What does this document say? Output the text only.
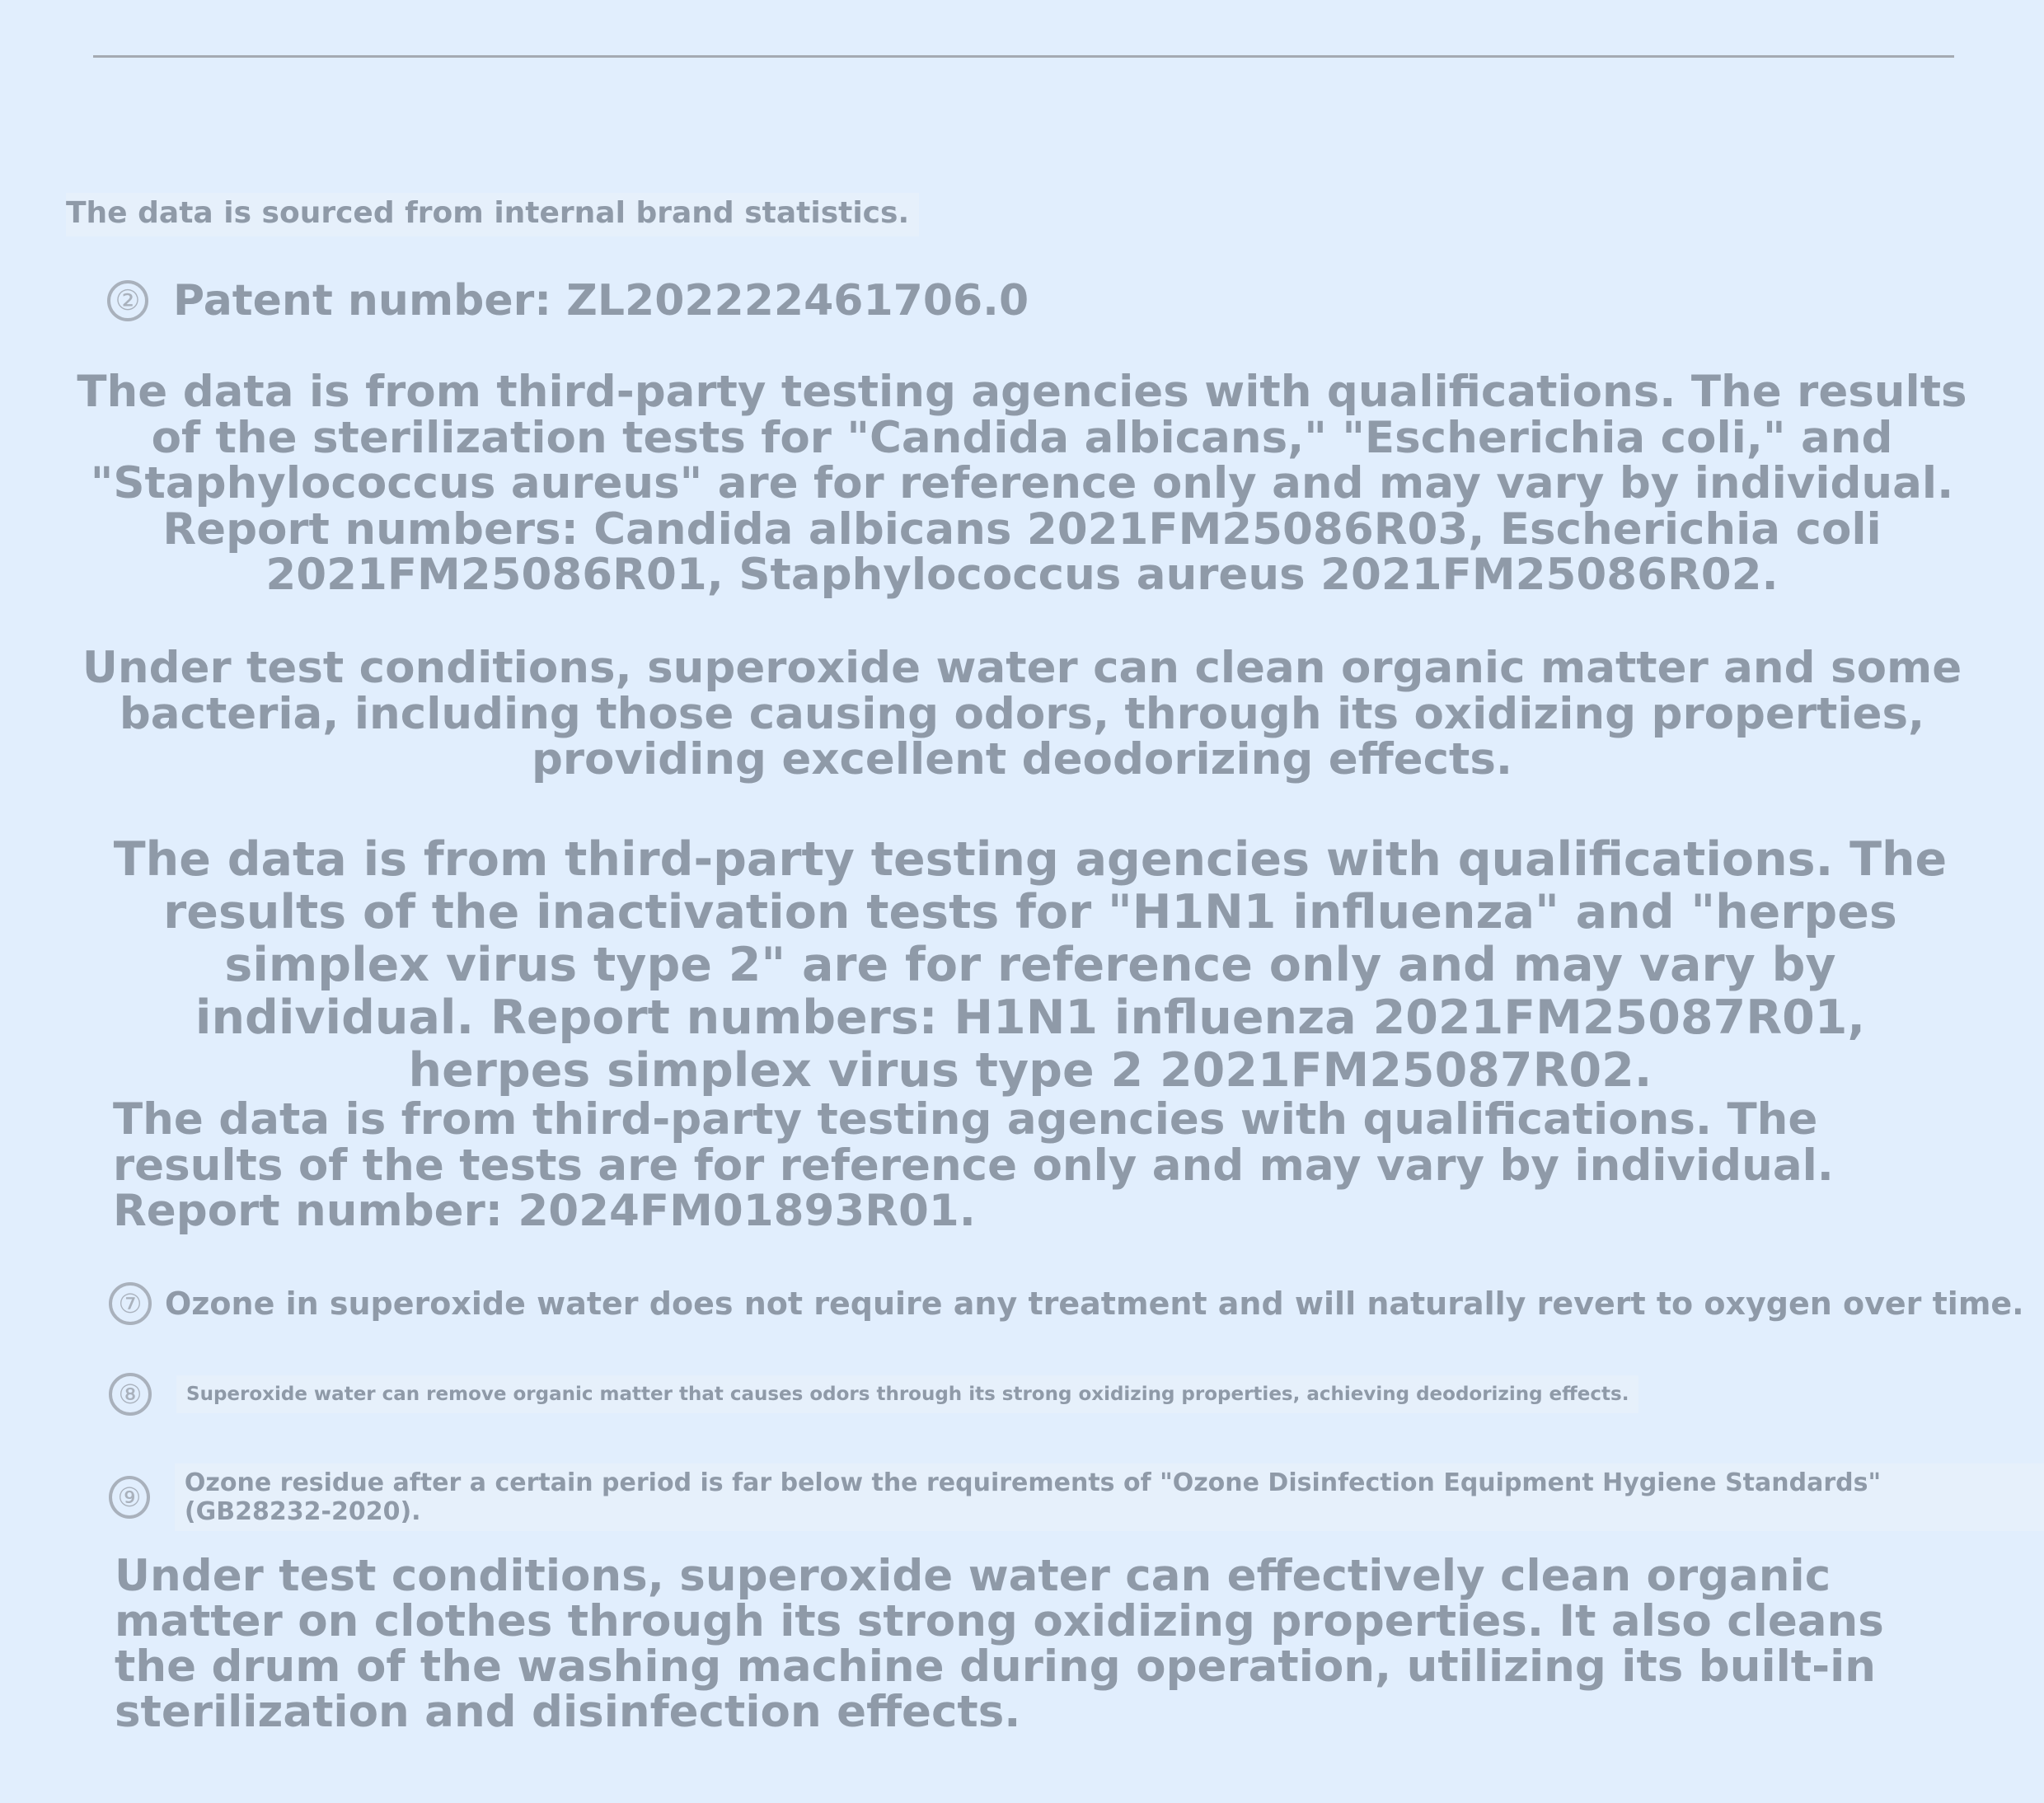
The data is sourced from internal brand statistics.

② Patent number: ZL202222461706.0

The data is from third-party testing agencies with qualifications. The results of the sterilization tests for "Candida albicans," "Escherichia coli," and "Staphylococcus aureus" are for reference only and may vary by individual. Report numbers: Candida albicans 2021FM25086R03, Escherichia coli 2021FM25086R01, Staphylococcus aureus 2021FM25086R02.

Under test conditions, superoxide water can clean organic matter and some bacteria, including those causing odors, through its oxidizing properties, providing excellent deodorizing effects.

The data is from third-party testing agencies with qualifications. The results of the inactivation tests for "H1N1 influenza" and "herpes simplex virus type 2" are for reference only and may vary by individual. Report numbers: H1N1 influenza 2021FM25087R01, herpes simplex virus type 2 2021FM25087R02.

The data is from third-party testing agencies with qualifications. The results of the tests are for reference only and may vary by individual. Report number: 2024FM01893R01.

⑦ Ozone in superoxide water does not require any treatment and will naturally revert to oxygen over time.
⑧	Superoxide water can remove organic matter that causes odors through its strong oxidizing properties, achieving deodorizing effects.
⑨	Ozone residue after a certain period is far below the requirements of "Ozone Disinfection Equipment Hygiene Standards" (GB28232-2020).

Under test conditions, superoxide water can effectively clean organic matter on clothes through its strong oxidizing properties. It also cleans the drum of the washing machine during operation, utilizing its built-in sterilization and disinfection effects.
